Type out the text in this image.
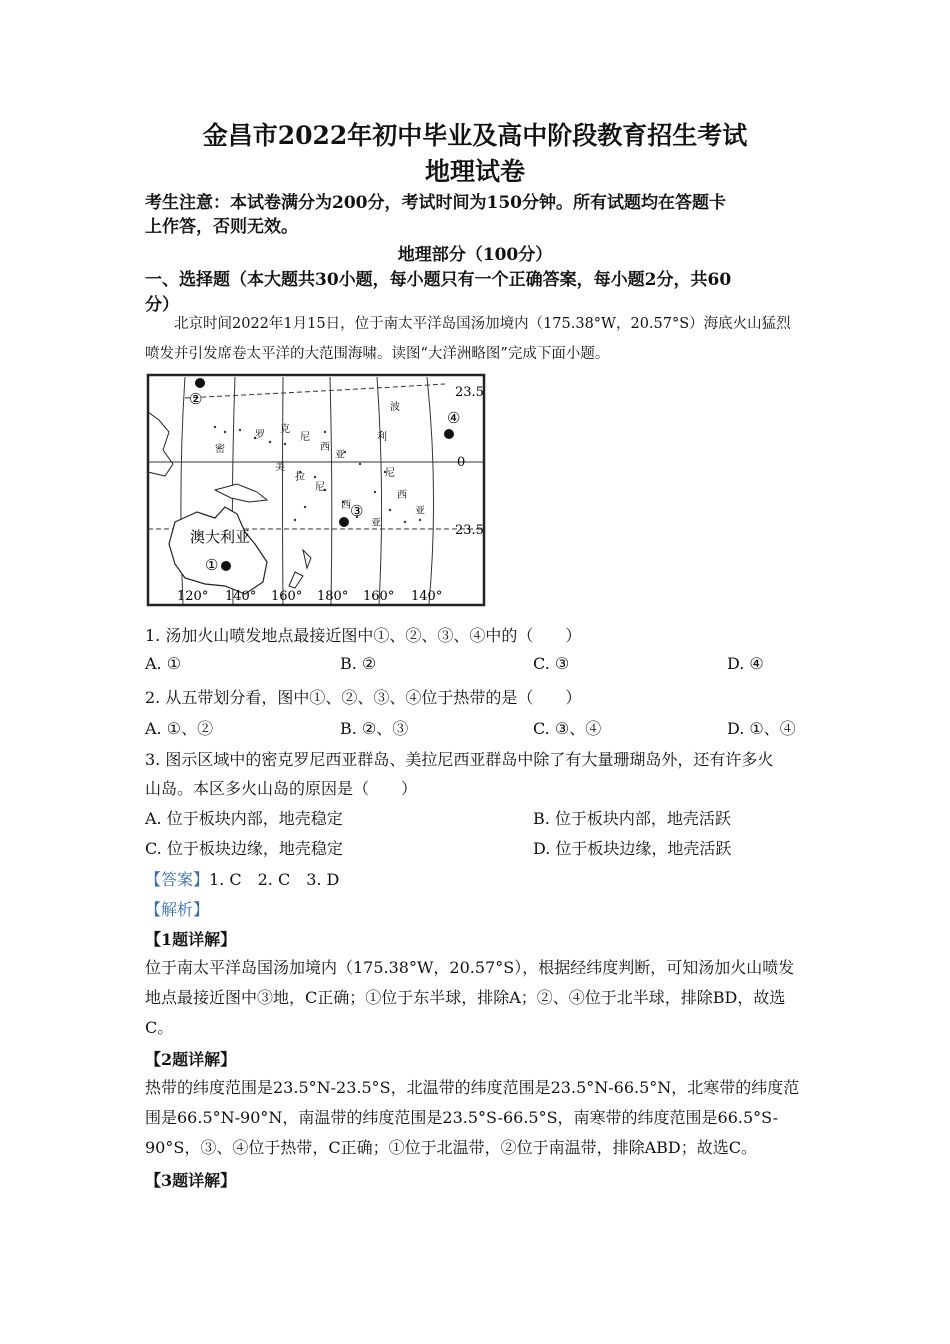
金昌市2022年初中毕业及高中阶段教育招生考试
地理试卷
考生注意：本试卷满分为200分，考试时间为150分钟。所有试题均在答题卡
上作答，否则无效。
地理部分（100分）
一、选择题（本大题共30小题，每小题只有一个正确答案，每小题2分，共60
分）
北京时间2022年1月15日，位于南太平洋岛国汤加境内（175.38°W，20.57°S）海底火山猛烈喷发并引发席卷太平洋的大范围海啸。读图“大洋洲略图”完成下面小题。
23.5
0
23.5
澳大利亚
密
罗
克
尼
西
亚
波
利
尼
西
亚
美
拉
尼
西
亚
②
①
③
④
120° 140° 160° 180° 160° 140°
1. 汤加火山喷发地点最接近图中①、②、③、④中的（　　）
A. ①	B. ②	C. ③	D. ④
2. 从五带划分看，图中①、②、③、④位于热带的是（　　）
A. ①、②	B. ②、③	C. ③、④	D. ①、④
3. 图示区域中的密克罗尼西亚群岛、美拉尼西亚群岛中除了有大量珊瑚岛外，还有许多火
山岛。本区多火山岛的原因是（　　）
A. 位于板块内部，地壳稳定	B. 位于板块内部，地壳活跃
C. 位于板块边缘，地壳稳定	D. 位于板块边缘，地壳活跃
【答案】1. C　2. C　3. D
【解析】
【1题详解】
位于南太平洋岛国汤加境内（175.38°W，20.57°S），根据经纬度判断，可知汤加火山喷发地点最接近图中③地，C正确；①位于东半球，排除A；②、④位于北半球，排除BD，故选C。
【2题详解】
热带的纬度范围是23.5°N-23.5°S，北温带的纬度范围是23.5°N-66.5°N，北寒带的纬度范围是66.5°N-90°N，南温带的纬度范围是23.5°S-66.5°S，南寒带的纬度范围是66.5°S-90°S，③、④位于热带，C正确；①位于北温带，②位于南温带，排除ABD；故选C。
【3题详解】
